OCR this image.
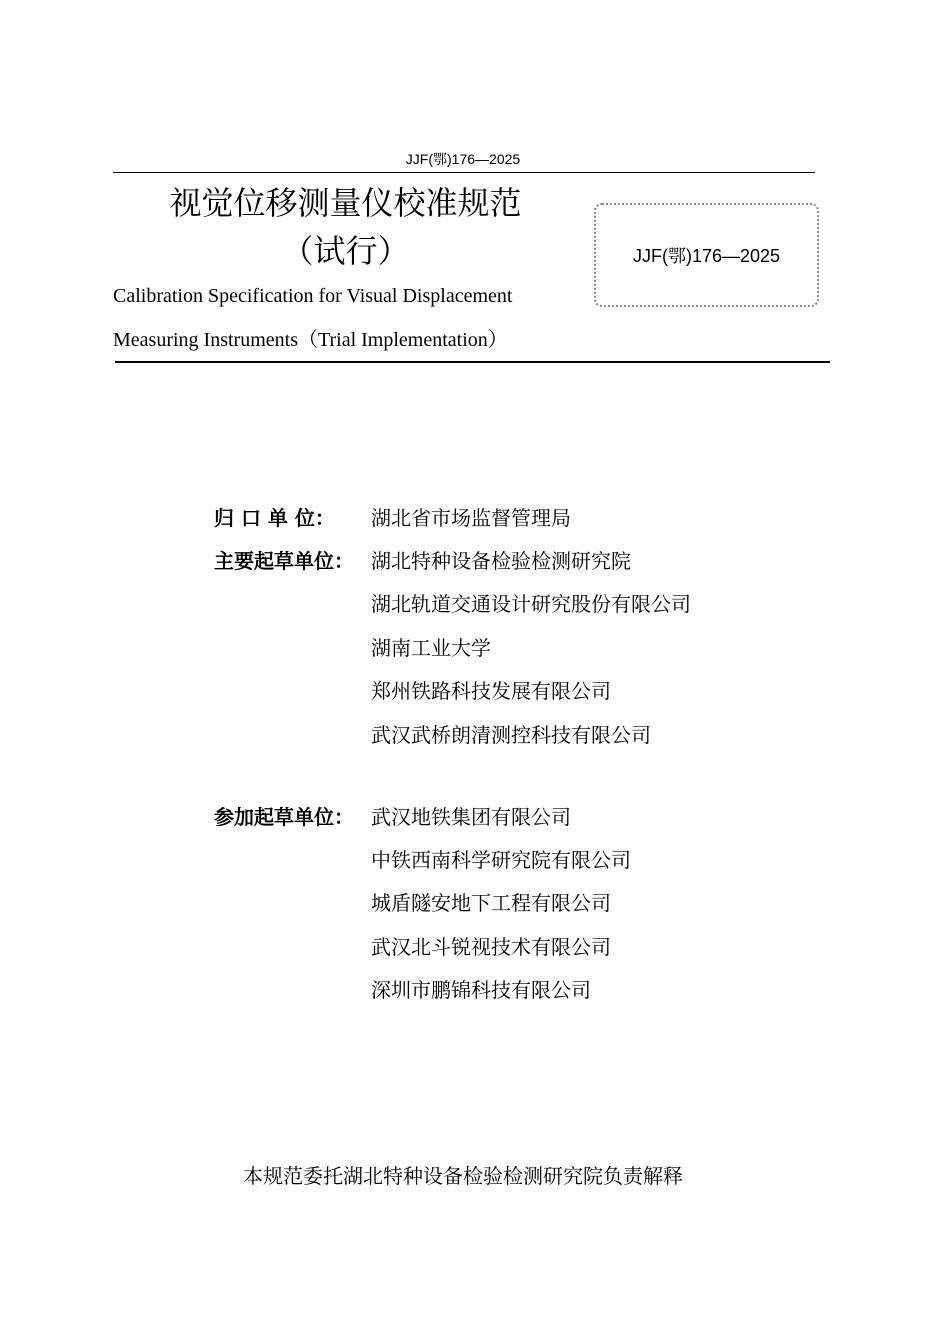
JJF(鄂)176—2025
视觉位移测量仪校准规范
（试行）
Calibration Specification for Visual Displacement
Measuring Instruments（Trial Implementation）
JJF(鄂)176—2025
归 口 单 位：	湖北省市场监督管理局
主要起草单位： 湖北特种设备检验检测研究院
湖北轨道交通设计研究股份有限公司
湖南工业大学
郑州铁路科技发展有限公司
武汉武桥朗清测控科技有限公司
参加起草单位： 武汉地铁集团有限公司
中铁西南科学研究院有限公司
城盾隧安地下工程有限公司
武汉北斗锐视技术有限公司
深圳市鹏锦科技有限公司
本规范委托湖北特种设备检验检测研究院负责解释
